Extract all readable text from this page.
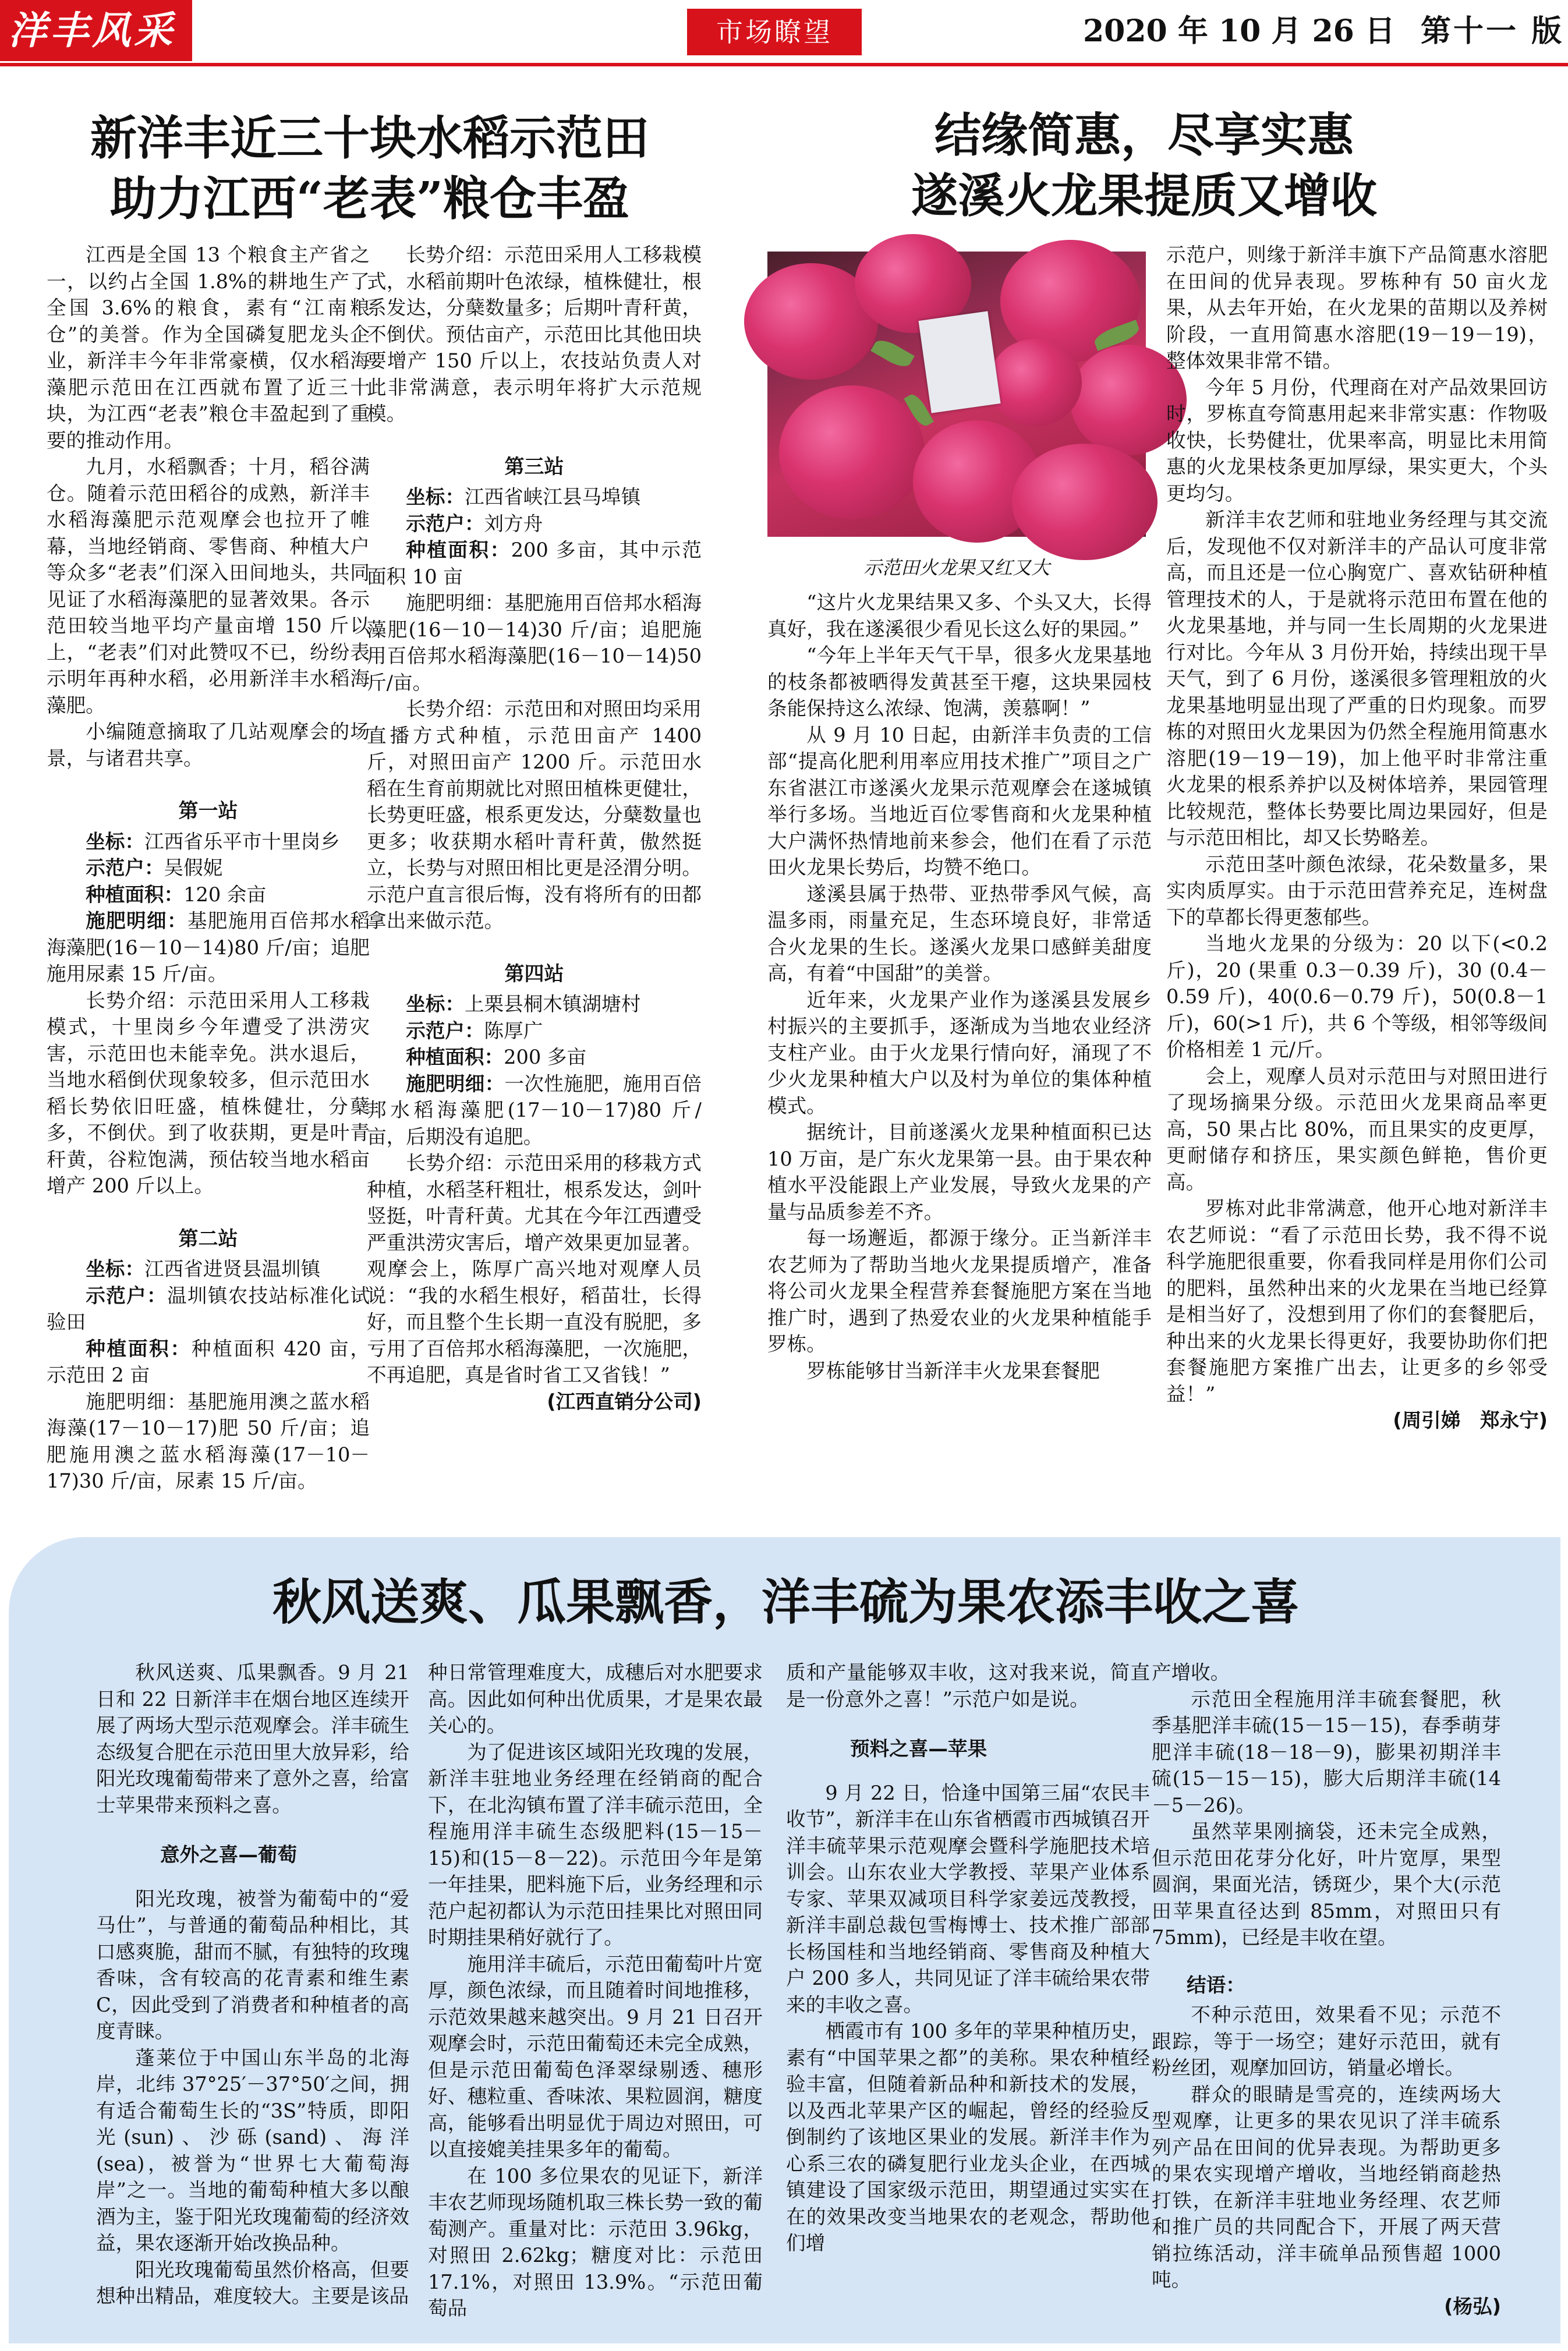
洋丰风采	市场瞭望	2020 年 10 月 26 日 第十一 版
新洋丰近三十块水稻示范田
助力江西“老表”粮仓丰盈

江西是全国 13 个粮食主产省之一，以约占全国 1.8%的耕地生产了全国 3.6%的粮食，素有“江南粮仓”的美誉。作为全国磷复肥龙头企业，新洋丰今年非常豪横，仅水稻海藻肥示范田在江西就布置了近三十块，为江西“老表”粮仓丰盈起到了重要的推动作用。

九月，水稻飘香；十月，稻谷满仓。随着示范田稻谷的成熟，新洋丰水稻海藻肥示范观摩会也拉开了帷幕，当地经销商、零售商、种植大户等众多“老表”们深入田间地头，共同见证了水稻海藻肥的显著效果。各示范田较当地平均产量亩增 150 斤以上，“老表”们对此赞叹不已，纷纷表示明年再种水稻，必用新洋丰水稻海藻肥。

小编随意摘取了几站观摩会的场景，与诸君共享。

第一站

坐标：江西省乐平市十里岗乡

示范户：吴假妮

种植面积：120 余亩

施肥明细：基肥施用百倍邦水稻海藻肥(16－10－14)80 斤/亩；追肥施用尿素 15 斤/亩。

长势介绍：示范田采用人工移栽模式，十里岗乡今年遭受了洪涝灾害，示范田也未能幸免。洪水退后，当地水稻倒伏现象较多，但示范田水稻长势依旧旺盛，植株健壮，分蘖多，不倒伏。到了收获期，更是叶青秆黄，谷粒饱满，预估较当地水稻亩增产 200 斤以上。

第二站

坐标：江西省进贤县温圳镇

示范户：温圳镇农技站标准化试验田

种植面积：种植面积 420 亩，示范田 2 亩

施肥明细：基肥施用澳之蓝水稻海藻(17－10－17)肥 50 斤/亩；追肥施用澳之蓝水稻海藻(17－10－17)30 斤/亩，尿素 15 斤/亩。

长势介绍：示范田采用人工移栽模式，水稻前期叶色浓绿，植株健壮，根系发达，分蘖数量多；后期叶青秆黄，不倒伏。预估亩产，示范田比其他田块要增产 150 斤以上，农技站负责人对此非常满意，表示明年将扩大示范规模。

第三站

坐标：江西省峡江县马埠镇

示范户：刘方舟

种植面积：200 多亩，其中示范面积 10 亩

施肥明细：基肥施用百倍邦水稻海藻肥(16－10－14)30 斤/亩；追肥施用百倍邦水稻海藻肥(16－10－14)50 斤/亩。

长势介绍：示范田和对照田均采用直播方式种植，示范田亩产 1400 斤，对照田亩产 1200 斤。示范田水稻在生育前期就比对照田植株更健壮，长势更旺盛，根系更发达，分蘖数量也更多；收获期水稻叶青秆黄，傲然挺立，长势与对照田相比更是泾渭分明。示范户直言很后悔，没有将所有的田都拿出来做示范。

第四站

坐标：上栗县桐木镇湖塘村

示范户：陈厚广

种植面积：200 多亩

施肥明细：一次性施肥，施用百倍邦水稻海藻肥(17－10－17)80 斤/亩，后期没有追肥。

长势介绍：示范田采用的移栽方式种植，水稻茎秆粗壮，根系发达，剑叶竖挺，叶青秆黄。尤其在今年江西遭受严重洪涝灾害后，增产效果更加显著。观摩会上，陈厚广高兴地对观摩人员说：“我的水稻生根好，稻苗壮，长得好，而且整个生长期一直没有脱肥，多亏用了百倍邦水稻海藻肥，一次施肥，不再追肥，真是省时省工又省钱！”

(江西直销分公司)

结缘简惠，尽享实惠
遂溪火龙果提质又增收
示范田火龙果又红又大

“这片火龙果结果又多、个头又大，长得真好，我在遂溪很少看见长这么好的果园。”

“今年上半年天气干旱，很多火龙果基地的枝条都被晒得发黄甚至干瘪，这块果园枝条能保持这么浓绿、饱满，羡慕啊！”

从 9 月 10 日起，由新洋丰负责的工信部“提高化肥利用率应用技术推广”项目之广东省湛江市遂溪火龙果示范观摩会在遂城镇举行多场。当地近百位零售商和火龙果种植大户满怀热情地前来参会，他们在看了示范田火龙果长势后，均赞不绝口。

遂溪县属于热带、亚热带季风气候，高温多雨，雨量充足，生态环境良好，非常适合火龙果的生长。遂溪火龙果口感鲜美甜度高，有着“中国甜”的美誉。

近年来，火龙果产业作为遂溪县发展乡村振兴的主要抓手，逐渐成为当地农业经济支柱产业。由于火龙果行情向好，涌现了不少火龙果种植大户以及村为单位的集体种植模式。

据统计，目前遂溪火龙果种植面积已达 10 万亩，是广东火龙果第一县。由于果农种植水平没能跟上产业发展，导致火龙果的产量与品质参差不齐。

每一场邂逅，都源于缘分。正当新洋丰农艺师为了帮助当地火龙果提质增产，准备将公司火龙果全程营养套餐施肥方案在当地推广时，遇到了热爱农业的火龙果种植能手罗栋。

罗栋能够甘当新洋丰火龙果套餐肥

示范户，则缘于新洋丰旗下产品简惠水溶肥在田间的优异表现。罗栋种有 50 亩火龙果，从去年开始，在火龙果的苗期以及养树阶段，一直用简惠水溶肥(19－19－19)，整体效果非常不错。

今年 5 月份，代理商在对产品效果回访时，罗栋直夸简惠用起来非常实惠：作物吸收快，长势健壮，优果率高，明显比未用简惠的火龙果枝条更加厚绿，果实更大，个头更均匀。

新洋丰农艺师和驻地业务经理与其交流后，发现他不仅对新洋丰的产品认可度非常高，而且还是一位心胸宽广、喜欢钻研种植管理技术的人，于是就将示范田布置在他的火龙果基地，并与同一生长周期的火龙果进行对比。今年从 3 月份开始，持续出现干旱天气，到了 6 月份，遂溪很多管理粗放的火龙果基地明显出现了严重的日灼现象。而罗栋的对照田火龙果因为仍然全程施用简惠水溶肥(19－19－19)，加上他平时非常注重火龙果的根系养护以及树体培养，果园管理比较规范，整体长势要比周边果园好，但是与示范田相比，却又长势略差。

示范田茎叶颜色浓绿，花朵数量多，果实肉质厚实。由于示范田营养充足，连树盘下的草都长得更葱郁些。

当地火龙果的分级为：20 以下(<0.2 斤)，20 (果重 0.3－0.39 斤)，30 (0.4－0.59 斤)，40(0.6－0.79 斤)，50(0.8－1 斤)，60(>1 斤)，共 6 个等级，相邻等级间价格相差 1 元/斤。

会上，观摩人员对示范田与对照田进行了现场摘果分级。示范田火龙果商品率更高，50 果占比 80%，而且果实的皮更厚，更耐储存和挤压，果实颜色鲜艳，售价更高。

罗栋对此非常满意，他开心地对新洋丰农艺师说：“看了示范田长势，我不得不说科学施肥很重要，你看我同样是用你们公司的肥料，虽然种出来的火龙果在当地已经算是相当好了，没想到用了你们的套餐肥后，种出来的火龙果长得更好，我要协助你们把套餐施肥方案推广出去，让更多的乡邻受益！”

(周引娣　郑永宁)

秋风送爽、瓜果飘香，洋丰硫为果农添丰收之喜

秋风送爽、瓜果飘香。9 月 21 日和 22 日新洋丰在烟台地区连续开展了两场大型示范观摩会。洋丰硫生态级复合肥在示范田里大放异彩，给阳光玫瑰葡萄带来了意外之喜，给富士苹果带来预料之喜。

意外之喜—葡萄

阳光玫瑰，被誉为葡萄中的“爱马仕”，与普通的葡萄品种相比，其口感爽脆，甜而不腻，有独特的玫瑰香味，含有较高的花青素和维生素 C，因此受到了消费者和种植者的高度青睐。

蓬莱位于中国山东半岛的北海岸，北纬 37°25′－37°50′之间，拥有适合葡萄生长的“3S”特质，即阳光(sun)、沙砾(sand)、海洋(sea)，被誉为“世界七大葡萄海岸”之一。当地的葡萄种植大多以酿酒为主，鉴于阳光玫瑰葡萄的经济效益，果农逐渐开始改换品种。

阳光玫瑰葡萄虽然价格高，但要想种出精品，难度较大。主要是该品

种日常管理难度大，成穗后对水肥要求高。因此如何种出优质果，才是果农最关心的。

为了促进该区域阳光玫瑰的发展，新洋丰驻地业务经理在经销商的配合下，在北沟镇布置了洋丰硫示范田，全程施用洋丰硫生态级肥料(15－15－15)和(15－8－22)。示范田今年是第一年挂果，肥料施下后，业务经理和示范户起初都认为示范田挂果比对照田同时期挂果稍好就行了。

施用洋丰硫后，示范田葡萄叶片宽厚，颜色浓绿，而且随着时间地推移，示范效果越来越突出。9 月 21 日召开观摩会时，示范田葡萄还未完全成熟，但是示范田葡萄色泽翠绿剔透、穗形好、穗粒重、香味浓、果粒圆润，糖度高，能够看出明显优于周边对照田，可以直接媲美挂果多年的葡萄。

在 100 多位果农的见证下，新洋丰农艺师现场随机取三株长势一致的葡萄测产。重量对比：示范田 3.96kg，对照田 2.62kg；糖度对比：示范田 17.1%，对照田 13.9%。“示范田葡萄品

质和产量能够双丰收，这对我来说，简直是一份意外之喜！”示范户如是说。

预料之喜—苹果

9 月 22 日，恰逢中国第三届“农民丰收节”，新洋丰在山东省栖霞市西城镇召开洋丰硫苹果示范观摩会暨科学施肥技术培训会。山东农业大学教授、苹果产业体系专家、苹果双减项目科学家姜远茂教授，新洋丰副总裁包雪梅博士、技术推广部部长杨国桂和当地经销商、零售商及种植大户 200 多人，共同见证了洋丰硫给果农带来的丰收之喜。

栖霞市有 100 多年的苹果种植历史，素有“中国苹果之都”的美称。果农种植经验丰富，但随着新品种和新技术的发展，以及西北苹果产区的崛起，曾经的经验反倒制约了该地区果业的发展。新洋丰作为心系三农的磷复肥行业龙头企业，在西城镇建设了国家级示范田，期望通过实实在在的效果改变当地果农的老观念，帮助他们增

产增收。

示范田全程施用洋丰硫套餐肥，秋季基肥洋丰硫(15－15－15)，春季萌芽肥洋丰硫(18－18－9)，膨果初期洋丰硫(15－15－15)，膨大后期洋丰硫(14－5－26)。

虽然苹果刚摘袋，还未完全成熟，但示范田花芽分化好，叶片宽厚，果型圆润，果面光洁，锈斑少，果个大(示范田苹果直径达到 85mm，对照田只有 75mm)，已经是丰收在望。

结语：

不种示范田，效果看不见；示范不跟踪，等于一场空；建好示范田，就有粉丝团，观摩加回访，销量必增长。

群众的眼睛是雪亮的，连续两场大型观摩，让更多的果农见识了洋丰硫系列产品在田间的优异表现。为帮助更多的果农实现增产增收，当地经销商趁热打铁，在新洋丰驻地业务经理、农艺师和推广员的共同配合下，开展了两天营销拉练活动，洋丰硫单品预售超 1000 吨。

(杨弘)
